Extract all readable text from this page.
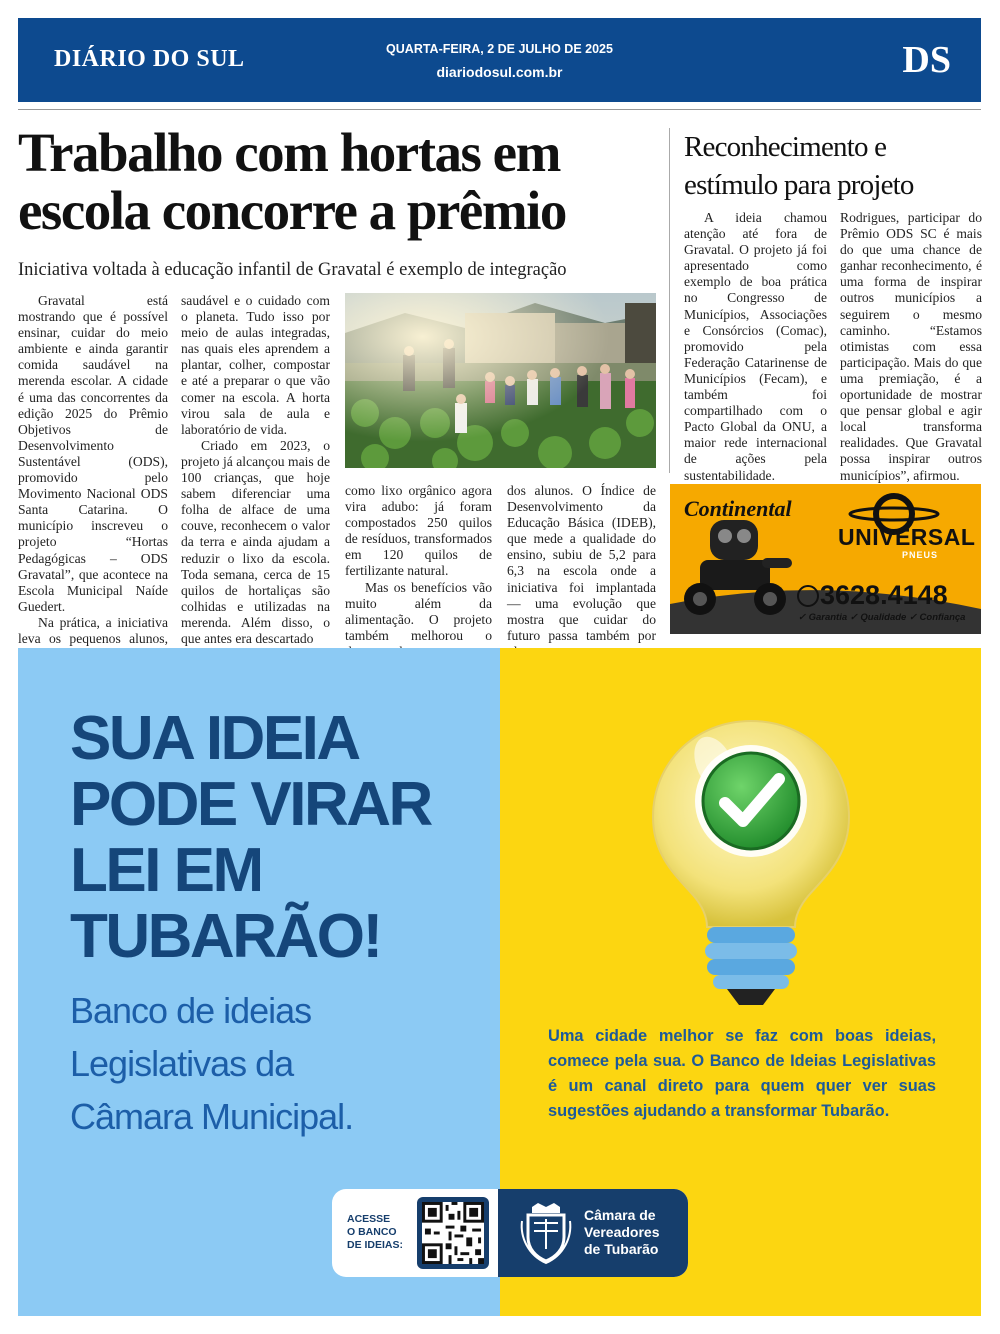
DIÁRIO DO SUL	QUARTA-FEIRA, 2 DE JULHO DE 2025
diariodosul.com.br	DS
Trabalho com hortas em
escola concorre a prêmio
Iniciativa voltada à educação infantil de Gravatal é exemplo de integração

Gravatal está mostrando que é possível ensinar, cuidar do meio ambiente e ainda garantir comida saudável na merenda escolar. A cidade é uma das concorrentes da edição 2025 do Prêmio Objetivos de Desenvolvimento Sustentável (ODS), promovido pelo Movimento Nacional ODS Santa Catarina. O município inscreveu o projeto “Hortas Pedagógicas – ODS Gravatal”, que acontece na Escola Municipal Naíde Guedert.

Na prática, a iniciativa leva os pequenos alunos,

saudável e o cuidado com o planeta. Tudo isso por meio de aulas integradas, nas quais eles aprendem a plantar, colher, compostar e até a preparar o que vão comer na escola. A horta virou sala de aula e laboratório de vida.

Criado em 2023, o projeto já alcançou mais de 100 crianças, que hoje sabem diferenciar uma folha de alface de uma couve, reconhecem o valor da terra e ainda ajudam a reduzir o lixo da escola. Toda semana, cerca de 15 quilos de hortaliças são colhidas e utilizadas na merenda. Além disso, o que antes era descartado

como lixo orgânico agora vira adubo: já foram compostados 250 quilos de resíduos, transformados em 120 quilos de fertilizante natural.

Mas os benefícios vão muito além da alimentação. O projeto também melhorou o

dos alunos. O Índice de Desenvolvimento da Educação Básica (IDEB), que mede a qualidade do ensino, subiu de 5,2 para 6,3 na escola onde a iniciativa foi implantada — uma evolução que mostra que cuidar do futuro passa também por

Reconhecimento e estímulo para projeto

A ideia chamou atenção até fora de Gravatal. O projeto já foi apresentado como exemplo de boa prática no Congresso de Municípios, Associações e Consórcios (Comac), promovido pela Federação Catarinense de Municípios (Fecam), e também foi compartilhado com o Pacto Global da ONU, a maior rede internacional de ações pela sustentabilidade.

Rodrigues, participar do Prêmio ODS SC é mais do que uma chance de ganhar reconhecimento, é uma forma de inspirar outros municípios a seguirem o mesmo caminho. “Estamos otimistas com essa participação. Mais do que uma premiação, é a oportunidade de mostrar que pensar global e agir local transforma realidades. Que Gravatal possa inspirar outros municípios”, afirmou.

Continental
UNIVERSAL
PNEUS
3628.4148
✓ Garantia ✓ Qualidade ✓ Confiança
SUA IDEIA
PODE VIRAR
LEI EM
TUBARÃO!
Banco de ideias
Legislativas da
Câmara Municipal.
Uma cidade melhor se faz com boas ideias, comece pela sua. O Banco de Ideias Legislativas é um canal direto para quem quer ver suas sugestões ajudando a transformar Tubarão.
ACESSE
O BANCO
DE IDEIAS:
Câmara de
Vereadores
de Tubarão
